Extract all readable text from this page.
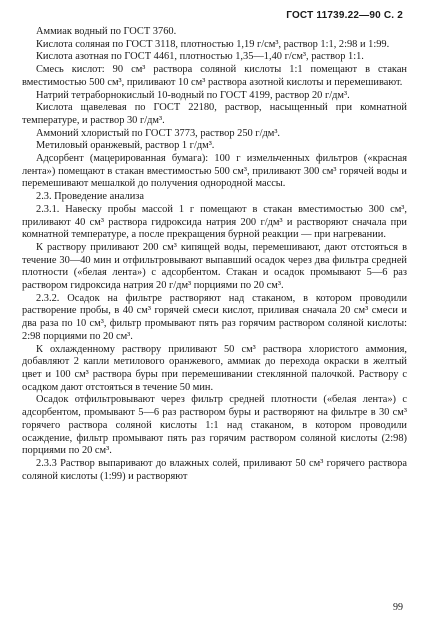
ГОСТ 11739.22—90 С. 2

Аммиак водный по ГОСТ 3760.

Кислота соляная по ГОСТ 3118, плотностью 1,19 г/см³, раствор 1:1, 2:98 и 1:99.

Кислота азотная по ГОСТ 4461, плотностью 1,35—1,40 г/см³, раствор 1:1.

Смесь кислот: 90 см³ раствора соляной кислоты 1:1 помещают в стакан вместимостью 500 см³, приливают 10 см³ раствора азотной кислоты и перемешивают.

Натрий тетраборнокислый 10-водный по ГОСТ 4199, раствор 20 г/дм³.

Кислота щавелевая по ГОСТ 22180, раствор, насыщенный при комнатной температуре, и раствор 30 г/дм³.

Аммоний хлористый по ГОСТ 3773, раствор 250 г/дм³.

Метиловый оранжевый, раствор 1 г/дм³.

Адсорбент (мацерированная бумага): 100 г измельченных фильтров («красная лента») помещают в стакан вместимостью 500 см³, приливают 300 см³ горячей воды и перемешивают мешалкой до получения однородной массы.

2.3. Проведение анализа

2.3.1. Навеску пробы массой 1 г помещают в стакан вместимостью 300 см³, приливают 40 см³ раствора гидроксида натрия 200 г/дм³ и растворяют сначала при комнатной температуре, а после прекращения бурной реакции — при нагревании.

К раствору приливают 200 см³ кипящей воды, перемешивают, дают отстояться в течение 30—40 мин и отфильтровывают выпавший осадок через два фильтра средней плотности («белая лента») с адсорбентом. Стакан и осадок промывают 5—6 раз раствором гидроксида натрия 20 г/дм³ порциями по 20 см³.

2.3.2. Осадок на фильтре растворяют над стаканом, в котором проводили растворение пробы, в 40 см³ горячей смеси кислот, приливая сначала 20 см³ смеси и два раза по 10 см³, фильтр промывают пять раз горячим раствором соляной кислоты: 2:98 порциями по 20 см³.

К охлажденному раствору приливают 50 см³ раствора хлористого аммония, добавляют 2 капли метилового оранжевого, аммиак до перехода окраски в желтый цвет и 100 см³ раствора буры при перемешивании стеклянной палочкой. Раствору с осадком дают отстояться в течение 50 мин.

Осадок отфильтровывают через фильтр средней плотности («белая лента») с адсорбентом, промывают 5—6 раз раствором буры и растворяют на фильтре в 30 см³ горячего раствора соляной кислоты 1:1 над стаканом, в котором проводили осаждение, фильтр промывают пять раз горячим раствором соляной кислоты (2:98) порциями по 20 см³.

2.3.3 Раствор выпаривают до влажных солей, приливают 50 см³ горячего раствора соляной кислоты (1:99) и растворяют

99
